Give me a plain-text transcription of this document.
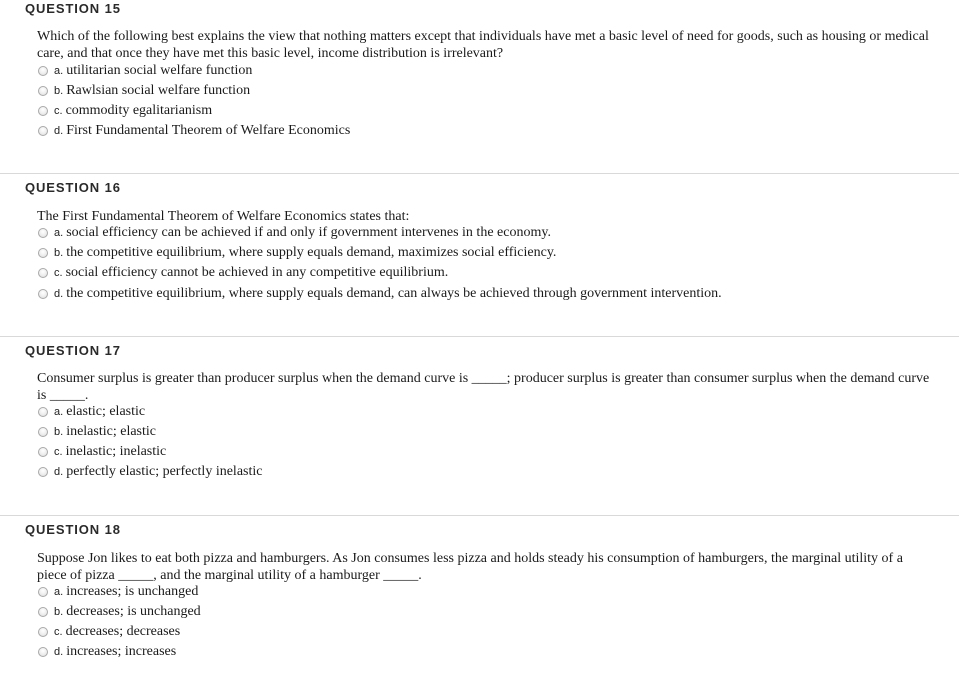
QUESTION 15
Which of the following best explains the view that nothing matters except that individuals have met a basic level of need for goods, such as housing or medical care, and that once they have met this basic level, income distribution is irrelevant?
a. utilitarian social welfare function
b. Rawlsian social welfare function
c. commodity egalitarianism
d. First Fundamental Theorem of Welfare Economics
QUESTION 16
The First Fundamental Theorem of Welfare Economics states that:
a. social efficiency can be achieved if and only if government intervenes in the economy.
b. the competitive equilibrium, where supply equals demand, maximizes social efficiency.
c. social efficiency cannot be achieved in any competitive equilibrium.
d. the competitive equilibrium, where supply equals demand, can always be achieved through government intervention.
QUESTION 17
Consumer surplus is greater than producer surplus when the demand curve is _____; producer surplus is greater than consumer surplus when the demand curve is _____.
a. elastic; elastic
b. inelastic; elastic
c. inelastic; inelastic
d. perfectly elastic; perfectly inelastic
QUESTION 18
Suppose Jon likes to eat both pizza and hamburgers. As Jon consumes less pizza and holds steady his consumption of hamburgers, the marginal utility of a piece of pizza _____, and the marginal utility of a hamburger _____.
a. increases; is unchanged
b. decreases; is unchanged
c. decreases; decreases
d. increases; increases
